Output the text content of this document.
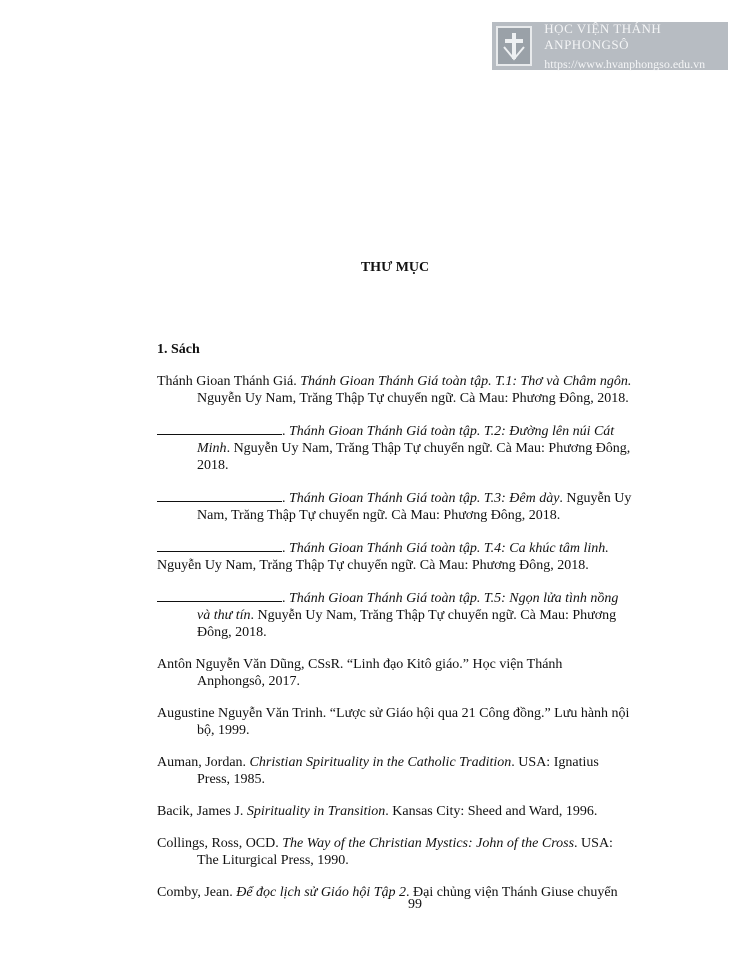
HỌC VIỆN THÁNH ANPHONGSÔ
https://www.hvanphongso.edu.vn
THƯ MỤC
1. Sách

Thánh Gioan Thánh Giá. Thánh Gioan Thánh Giá toàn tập. T.1: Thơ và Châm ngôn. Nguyễn Uy Nam, Trăng Thập Tự chuyển ngữ. Cà Mau: Phương Đông, 2018.

. Thánh Gioan Thánh Giá toàn tập. T.2: Đường lên núi Cát Minh. Nguyễn Uy Nam, Trăng Thập Tự chuyển ngữ. Cà Mau: Phương Đông, 2018.

. Thánh Gioan Thánh Giá toàn tập. T.3: Đêm dày. Nguyễn Uy Nam, Trăng Thập Tự chuyển ngữ. Cà Mau: Phương Đông, 2018.

. Thánh Gioan Thánh Giá toàn tập. T.4: Ca khúc tâm linh. Nguyễn Uy Nam, Trăng Thập Tự chuyển ngữ. Cà Mau: Phương Đông, 2018.

. Thánh Gioan Thánh Giá toàn tập. T.5: Ngọn lửa tình nồng và thư tín. Nguyễn Uy Nam, Trăng Thập Tự chuyển ngữ. Cà Mau: Phương Đông, 2018.

Antôn Nguyễn Văn Dũng, CSsR. “Linh đạo Kitô giáo.” Học viện Thánh Anphongsô, 2017.

Augustine Nguyễn Văn Trinh. “Lược sử Giáo hội qua 21 Công đồng.” Lưu hành nội bộ, 1999.

Auman, Jordan. Christian Spirituality in the Catholic Tradition. USA: Ignatius Press, 1985.

Bacik, James J. Spirituality in Transition. Kansas City: Sheed and Ward, 1996.

Collings, Ross, OCD. The Way of the Christian Mystics: John of the Cross. USA: The Liturgical Press, 1990.

Comby, Jean. Để đọc lịch sử Giáo hội Tập 2. Đại chủng viện Thánh Giuse chuyển

99
